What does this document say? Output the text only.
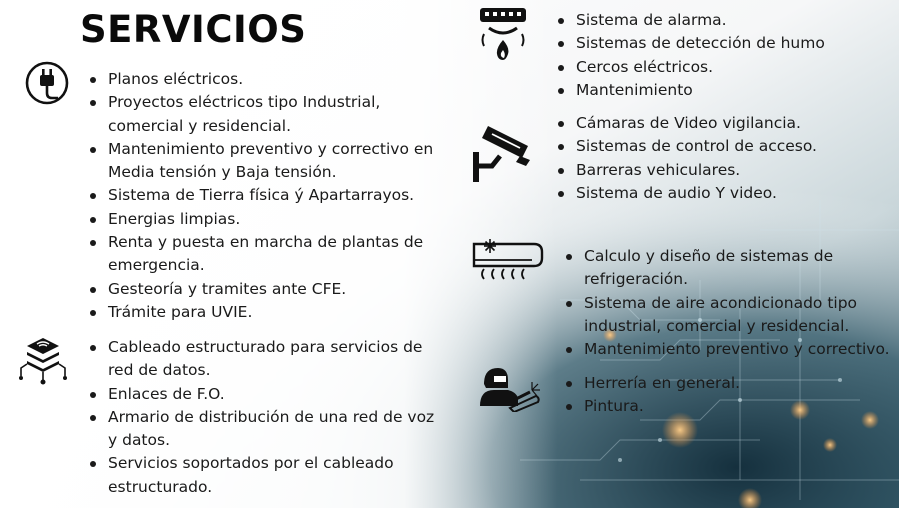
SERVICIOS
Planos eléctricos.
Proyectos eléctricos tipo Industrial, comercial y residencial.
Mantenimiento preventivo y correctivo en Media tensión y Baja tensión.
Sistema de Tierra física ý Apartarrayos.
Energias limpias.
Renta y puesta en marcha de plantas de emergencia.
Gesteoría y tramites ante CFE.
Trámite para UVIE.
Cableado estructurado para servicios de red de datos.
Enlaces de F.O.
Armario de distribución de una red de voz y datos.
Servicios soportados por el cableado estructurado.
Sistema de alarma.
Sistemas de detección de humo
Cercos eléctricos.
Mantenimiento
Cámaras de Video vigilancia.
Sistemas de control de acceso.
Barreras vehiculares.
Sistema de audio Y video.
Calculo y diseño de sistemas de refrigeración.
Sistema de aire acondicionado tipo industrial, comercial y residencial.
Mantenimiento preventivo y correctivo.
Herrería en general.
Pintura.
